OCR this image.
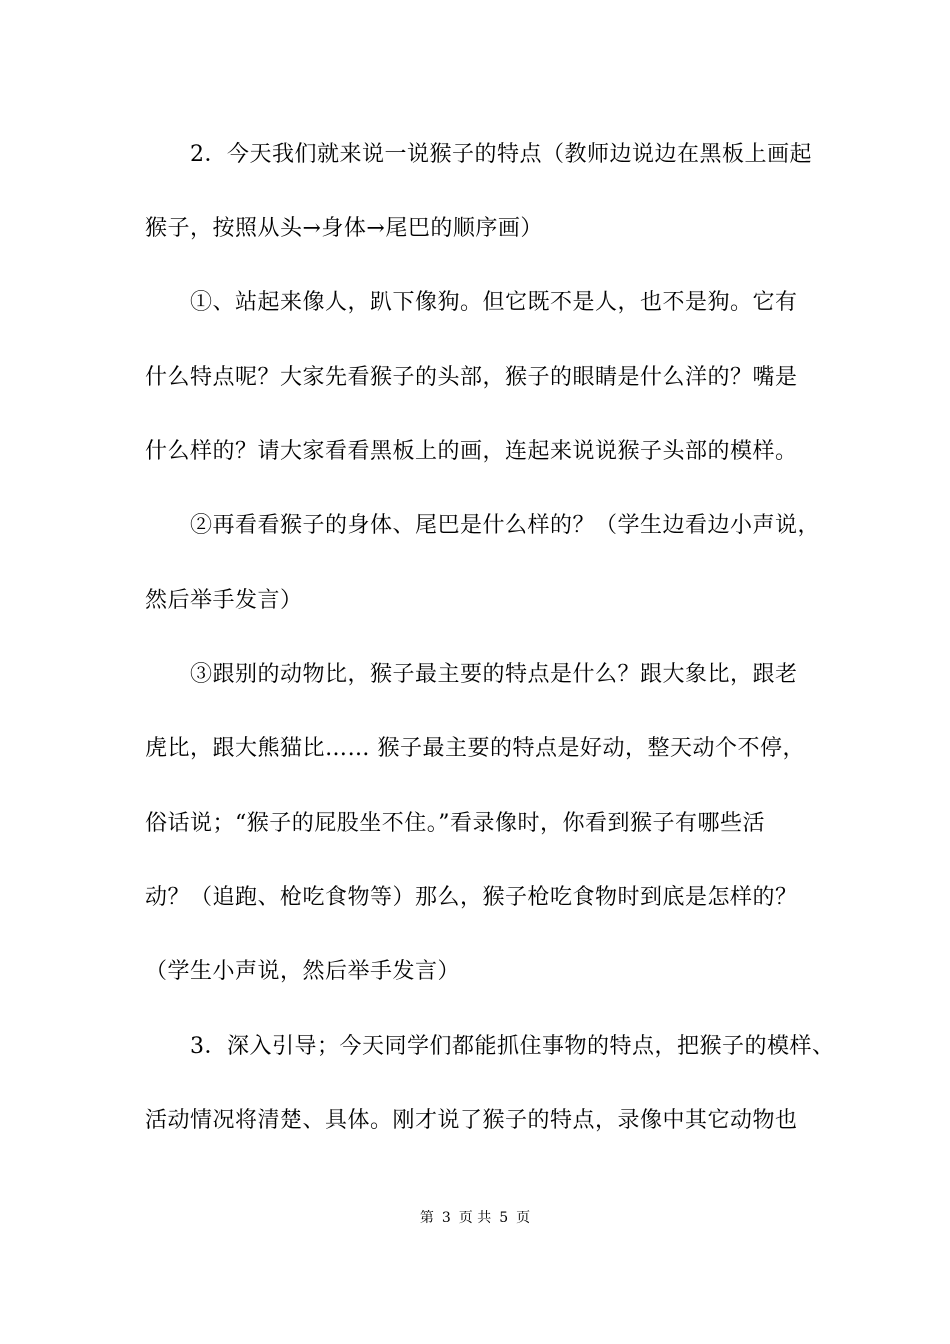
2．今天我们就来说一说猴子的特点（教师边说边在黑板上画起
猴子，按照从头→身体→尾巴的顺序画）
①、站起来像人，趴下像狗。但它既不是人，也不是狗。它有
什么特点呢？大家先看猴子的头部，猴子的眼睛是什么洋的？嘴是
什么样的？请大家看看黑板上的画，连起来说说猴子头部的模样。
②再看看猴子的身体、尾巴是什么样的？（学生边看边小声说，
然后举手发言）
③跟别的动物比，猴子最主要的特点是什么？跟大象比，跟老
虎比，跟大熊猫比…… 猴子最主要的特点是好动，整天动个不停，
俗话说；“猴子的屁股坐不住。”看录像时，你看到猴子有哪些活
动？（追跑、枪吃食物等）那么，猴子枪吃食物时到底是怎样的？
（学生小声说，然后举手发言）
3．深入引导；今天同学们都能抓住事物的特点，把猴子的模样、
活动情况将清楚、具体。刚才说了猴子的特点，录像中其它动物也
第 3 页 共 5 页
